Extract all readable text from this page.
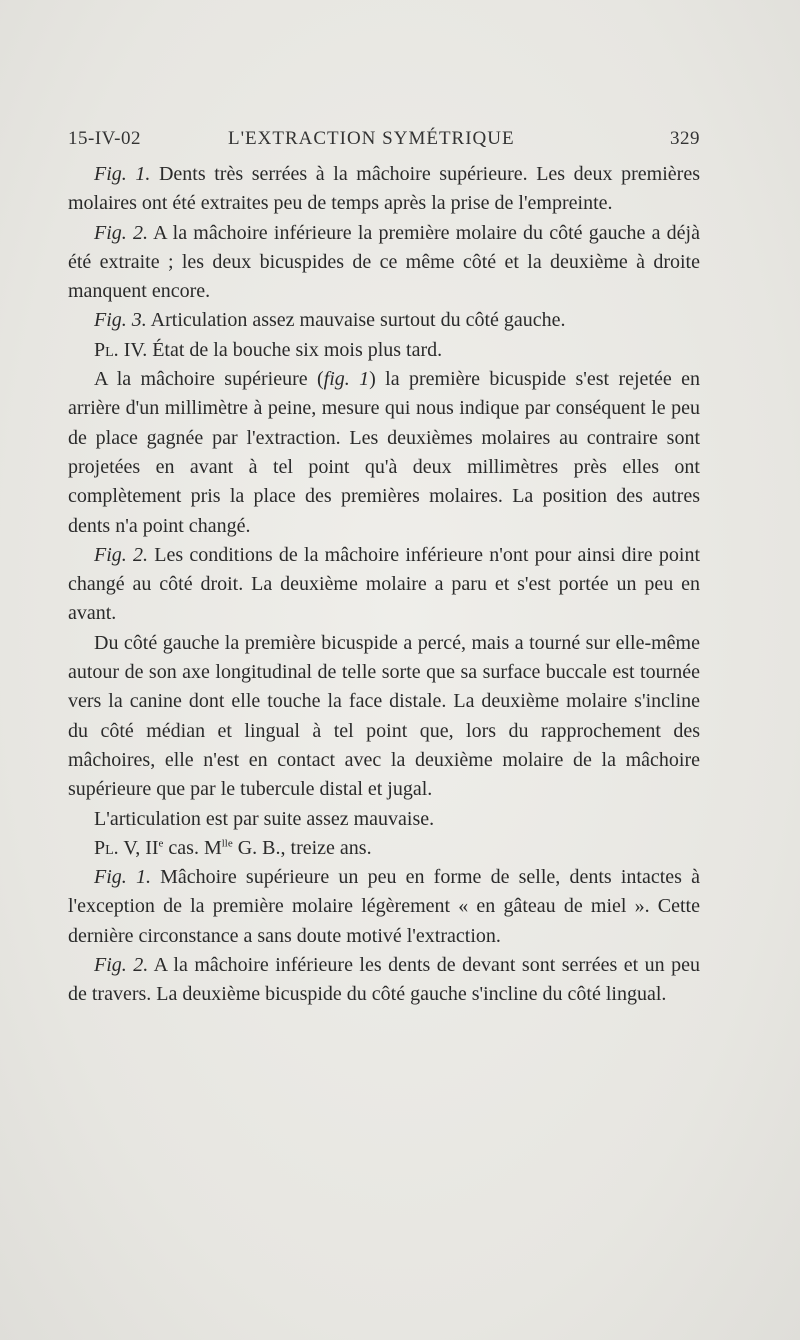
15-IV-02	L'EXTRACTION SYMÉTRIQUE	329

Fig. 1. Dents très serrées à la mâchoire supérieure. Les deux premières molaires ont été extraites peu de temps après la prise de l'empreinte.

Fig. 2. A la mâchoire inférieure la première molaire du côté gauche a déjà été extraite ; les deux bicuspides de ce même côté et la deuxième à droite manquent encore.

Fig. 3. Articulation assez mauvaise surtout du côté gauche.

Pl. IV. État de la bouche six mois plus tard.

A la mâchoire supérieure (fig. 1) la première bicuspide s'est rejetée en arrière d'un millimètre à peine, mesure qui nous indique par conséquent le peu de place gagnée par l'extraction. Les deuxièmes molaires au contraire sont projetées en avant à tel point qu'à deux millimètres près elles ont complètement pris la place des premières molaires. La position des autres dents n'a point changé.

Fig. 2. Les conditions de la mâchoire inférieure n'ont pour ainsi dire point changé au côté droit. La deuxième molaire a paru et s'est portée un peu en avant.

Du côté gauche la première bicuspide a percé, mais a tourné sur elle-même autour de son axe longitudinal de telle sorte que sa surface buccale est tournée vers la canine dont elle touche la face distale. La deuxième molaire s'incline du côté médian et lingual à tel point que, lors du rapprochement des mâchoires, elle n'est en contact avec la deuxième molaire de la mâchoire supérieure que par le tubercule distal et jugal.

L'articulation est par suite assez mauvaise.

Pl. V, IIe cas. $M^{lle}$ G. B., treize ans.

Fig. 1. Mâchoire supérieure un peu en forme de selle, dents intactes à l'exception de la première molaire légèrement « en gâteau de miel ». Cette dernière circonstance a sans doute motivé l'extraction.

Fig. 2. A la mâchoire inférieure les dents de devant sont serrées et un peu de travers. La deuxième bicuspide du côté gauche s'incline du côté lingual.
